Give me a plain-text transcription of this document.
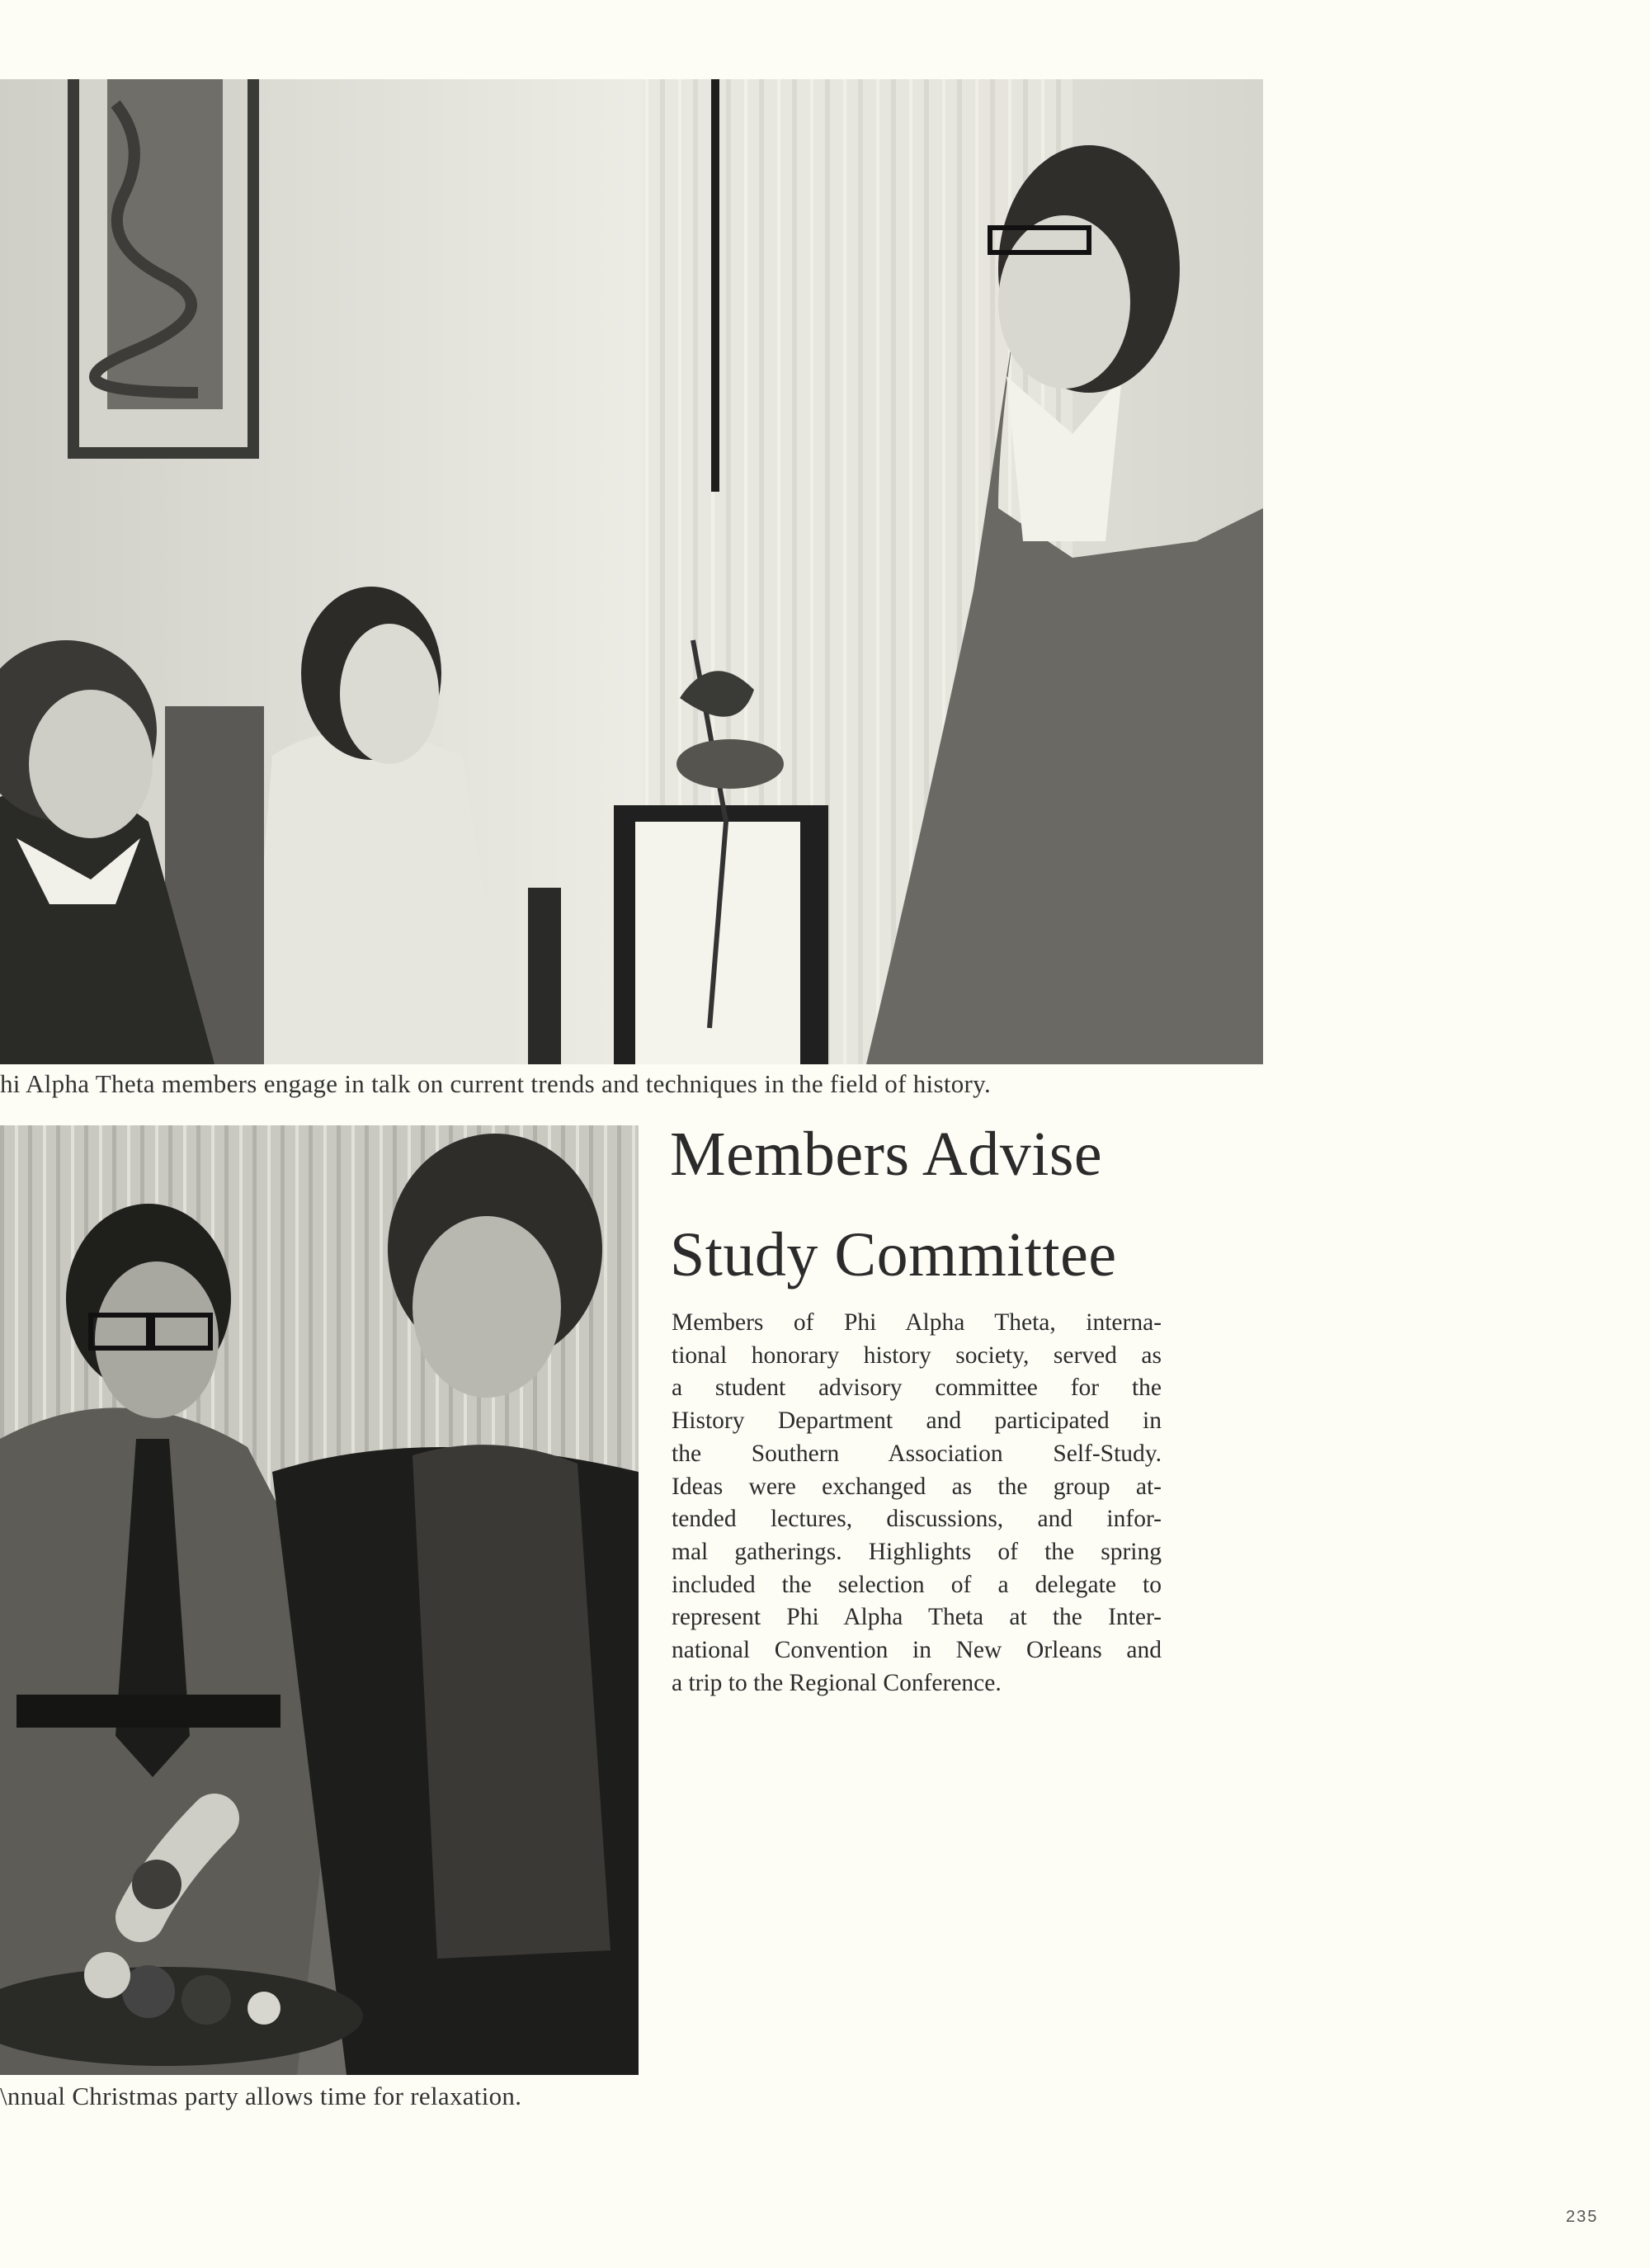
hi Alpha Theta members engage in talk on current trends and techniques in the field of history.
\nnual Christmas party allows time for relaxation.
Members Advise
Study Committee

Members of Phi Alpha Theta, interna-
tional honorary history society, served as
a student advisory committee for the
History Department and participated in
the Southern Association Self-Study.
Ideas were exchanged as the group at-
tended lectures, discussions, and infor-
mal gatherings. Highlights of the spring
included the selection of a delegate to
represent Phi Alpha Theta at the Inter-
national Convention in New Orleans and
a trip to the Regional Conference.

235
